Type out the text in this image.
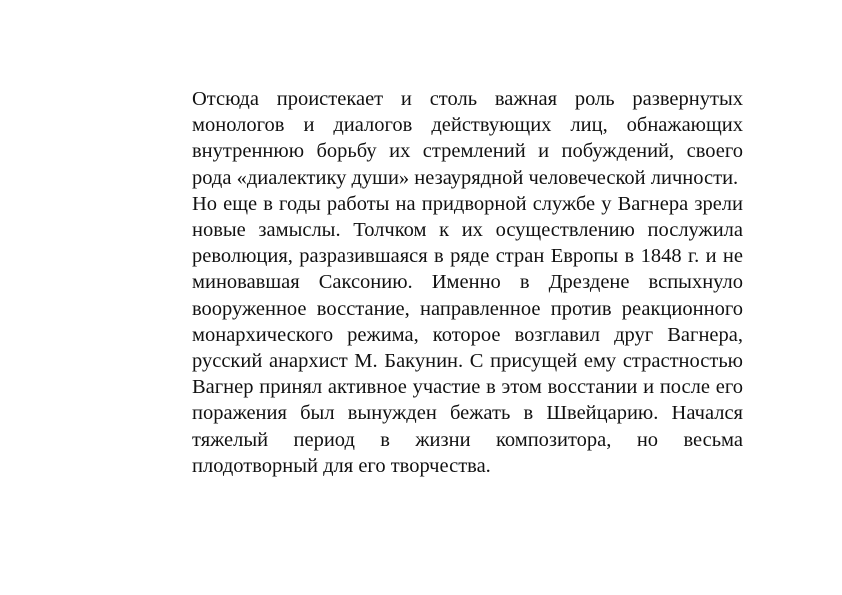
Отсюда проистекает и столь важная роль развернутых монологов и диалогов действующих лиц, обнажающих внутреннюю борьбу их стремлений и побуждений, своего рода «диалектику души» незаурядной человеческой личности.

Но еще в годы работы на придворной службе у Вагнера зрели новые замыслы. Толчком к их осуществлению послужила революция, разразившаяся в ряде стран Европы в 1848 г. и не миновавшая Саксонию. Именно в Дрездене вспыхнуло вооруженное восстание, направленное против реакционного монархического режима, которое возглавил друг Вагнера, русский анархист М. Бакунин. С присущей ему страстностью Вагнер принял активное участие в этом восстании и после его поражения был вынужден бежать в Швейцарию. Начался тяжелый период в жизни композитора, но весьма плодотворный для его творчества.
